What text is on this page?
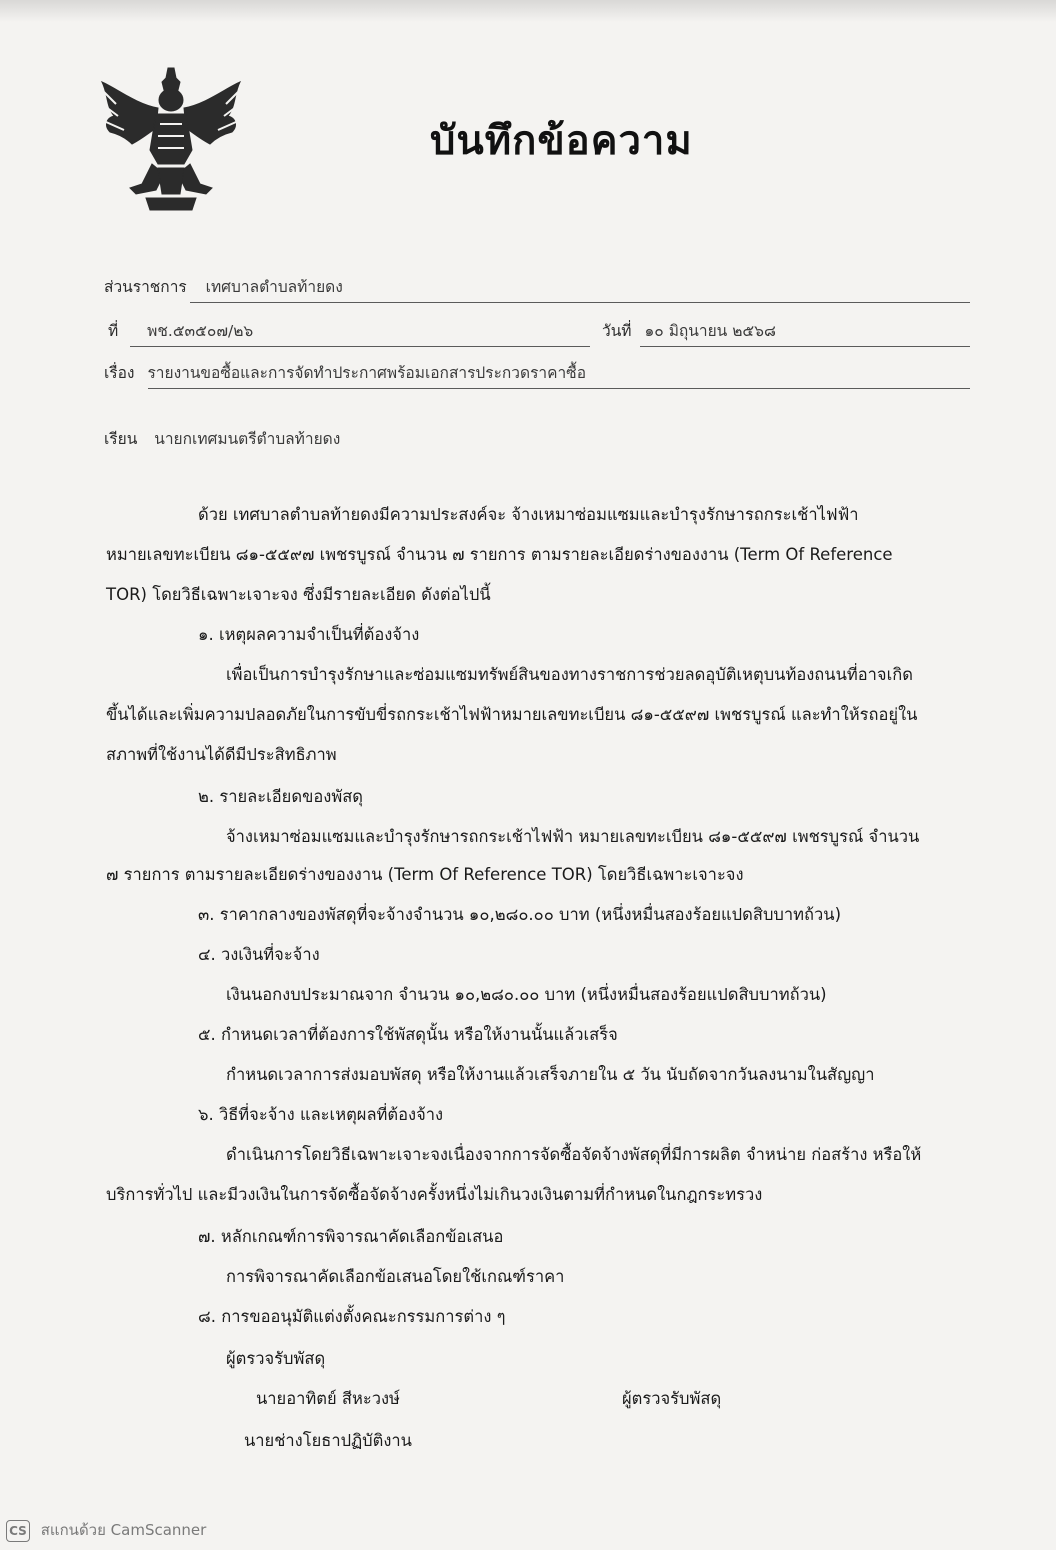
บันทึกข้อความ
ส่วนราชการ เทศบาลตำบลท้ายดง
ที่ พช.๕๓๕๐๗/๒๖	วันที่ ๑๐ มิถุนายน ๒๕๖๘
เรื่อง รายงานขอซื้อและการจัดทำประกาศพร้อมเอกสารประกวดราคาซื้อ
เรียน นายกเทศมนตรีตำบลท้ายดง
ด้วย เทศบาลตำบลท้ายดงมีความประสงค์จะ จ้างเหมาซ่อมแซมและบำรุงรักษารถกระเช้าไฟฟ้า
หมายเลขทะเบียน ๘๑-๕๕๙๗ เพชรบูรณ์ จำนวน ๗ รายการ ตามรายละเอียดร่างของงาน (Term Of Reference
TOR) โดยวิธีเฉพาะเจาะจง ซึ่งมีรายละเอียด ดังต่อไปนี้
๑. เหตุผลความจำเป็นที่ต้องจ้าง
เพื่อเป็นการบำรุงรักษาและซ่อมแซมทรัพย์สินของทางราชการช่วยลดอุบัติเหตุบนท้องถนนที่อาจเกิด
ขึ้นได้และเพิ่มความปลอดภัยในการขับขี่รถกระเช้าไฟฟ้าหมายเลขทะเบียน ๘๑-๕๕๙๗ เพชรบูรณ์ และทำให้รถอยู่ใน
สภาพที่ใช้งานได้ดีมีประสิทธิภาพ
๒. รายละเอียดของพัสดุ
จ้างเหมาซ่อมแซมและบำรุงรักษารถกระเช้าไฟฟ้า หมายเลขทะเบียน ๘๑-๕๕๙๗ เพชรบูรณ์ จำนวน
๗ รายการ ตามรายละเอียดร่างของงาน (Term Of Reference TOR) โดยวิธีเฉพาะเจาะจง
๓. ราคากลางของพัสดุที่จะจ้างจำนวน ๑๐,๒๘๐.๐๐ บาท (หนึ่งหมื่นสองร้อยแปดสิบบาทถ้วน)
๔. วงเงินที่จะจ้าง
เงินนอกงบประมาณจาก จำนวน ๑๐,๒๘๐.๐๐ บาท (หนึ่งหมื่นสองร้อยแปดสิบบาทถ้วน)
๕. กำหนดเวลาที่ต้องการใช้พัสดุนั้น หรือให้งานนั้นแล้วเสร็จ
กำหนดเวลาการส่งมอบพัสดุ หรือให้งานแล้วเสร็จภายใน ๕ วัน นับถัดจากวันลงนามในสัญญา
๖. วิธีที่จะจ้าง และเหตุผลที่ต้องจ้าง
ดำเนินการโดยวิธีเฉพาะเจาะจงเนื่องจากการจัดซื้อจัดจ้างพัสดุที่มีการผลิต จำหน่าย ก่อสร้าง หรือให้
บริการทั่วไป และมีวงเงินในการจัดซื้อจัดจ้างครั้งหนึ่งไม่เกินวงเงินตามที่กำหนดในกฎกระทรวง
๗. หลักเกณฑ์การพิจารณาคัดเลือกข้อเสนอ
การพิจารณาคัดเลือกข้อเสนอโดยใช้เกณฑ์ราคา
๘. การขออนุมัติแต่งตั้งคณะกรรมการต่าง ๆ
ผู้ตรวจรับพัสดุ
นายอาทิตย์ สีหะวงษ์	ผู้ตรวจรับพัสดุ
นายช่างโยธาปฏิบัติงาน
CS สแกนด้วย CamScanner
